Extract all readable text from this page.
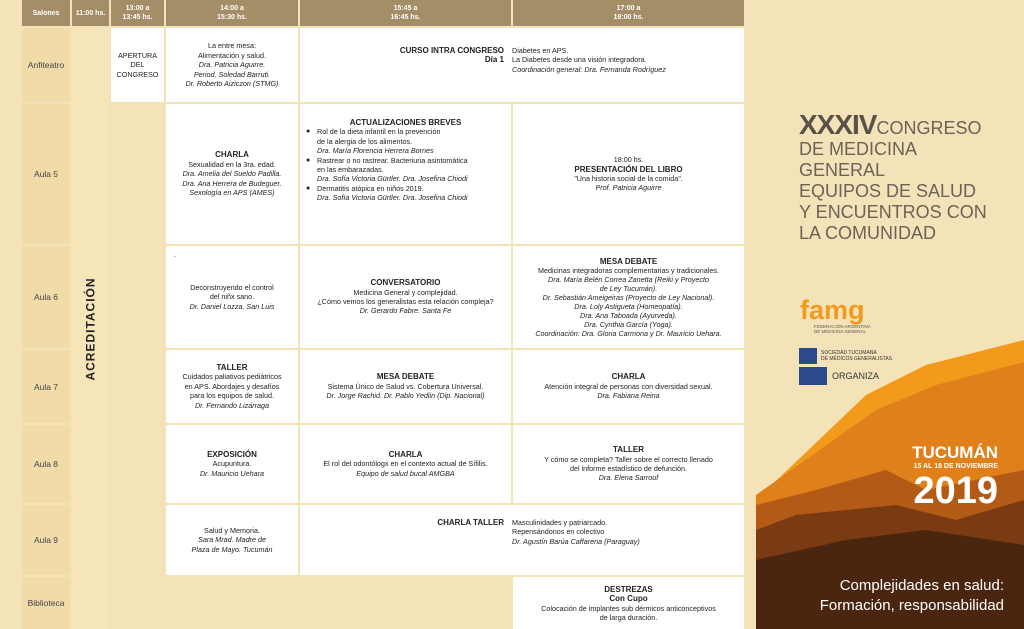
Salones 11:00 hs.
13:00 a
13:45 hs.
14:00 a
15:30 hs.
15:45 a
16:45 hs.
17:00 a
19:00 hs.
Anfiteatro
Aula 5
Aula 6
Aula 7
Aula 8
Aula 9
Biblioteca
ACREDITACIÓN
APERTURA
DEL
CONGRESO
La entre mesa:
Alimentación y salud.
Dra. Patricia Aguirre.
Period. Soledad Barruti.
Dr. Roberto Aiziczon (STMG)
CURSO INTRA CONGRESO
Día 1
Diabetes en APS.
La Diabetes desde una visión integradora.
Coordinación general: Dra. Fernanda Rodríguez
CHARLA
Sexualidad en la 3ra. edad.
Dra. Amelia del Sueldo Padilla.
Dra. Ana Herrera de Budeguer.
Sexología en APS (AMES)
ACTUALIZACIONES BREVES
● Rol de la dieta infantil en la prevención
de la alergia de los alimentos.
Dra. María Florencia Herrera Bornes
● Rastrear o no rastrear. Bacteriuria asintomática
en las embarazadas.
Dra. Sofía Victoria Gürtler. Dra. Josefina Chiodi
● Dermatitis atópica en niños 2019.
Dra. Sofía Victoria Gürtler. Dra. Josefina Chiodi
18:00 hs.
PRESENTACIÓN DEL LIBRO
"Una historia social de la comida".
Prof. Patricia Aguirre
.
Deconstruyendo el control
del niñx sano.
Dr. Daniel Lozza. San Luis
CONVERSATORIO
Medicina General y complejidad.
¿Cómo vemos los generalistas esta relación compleja?
Dr. Gerardo Fabre. Santa Fe
MESA DEBATE
Medicinas integradoras complementarias y tradicionales.
Dra. María Belén Correa Zanetta (Reiki y Proyecto
de Ley Tucumán).
Dr. Sebastián Ameigeiras (Proyecto de Ley Nacional).
Dra. Loly Astigueta (Homeopatía).
Dra. Ana Taboada (Ayurveda).
Dra. Cynthia García (Yoga).
Coordinación: Dra. Gloria Carmona y Dr. Mauricio Uehara.
TALLER
Cuidados paliativos pediátricos
en APS. Abordajes y desafíos
para los equipos de salud.
Dr. Fernando Lizárraga
MESA DEBATE
Sistema Único de Salud vs. Cobertura Universal.
Dr. Jorge Rachid. Dr. Pablo Yedlin (Dip. Nacional)
CHARLA
Atención integral de personas con diversidad sexual.
Dra. Fabiana Reina
EXPOSICIÓN
Acupuntura.
Dr. Mauricio Uehara
CHARLA
El rol del odontólogx en el contexto actual de Sífilis.
Equipo de salud bucal AMGBA
TALLER
Y cómo se completa? Taller sobre el correcto llenado
del informe estadístico de defunción.
Dra. Elena Sarrouf
Salud y Memoria.
Sara Mrad. Madre de
Plaza de Mayo. Tucumán
CHARLA TALLER Masculinidades y patriarcado.
Repensándonos en colectivo
Dr. Agustín Barúa Caffarena (Paraguay)
DESTREZAS
Con Cupo
Colocación de implantes sub dérmicos anticonceptivos
de larga duración.
XXXIVCONGRESO
DE MEDICINA GENERAL
EQUIPOS DE SALUD
Y ENCUENTROS CON
LA COMUNIDAD
famg
FEDERACIÓN ARGENTINA
DE MEDICINA GENERAL
SOCIEDAD TUCUMANA
DE MÉDICOS GENERALISTAS
ORGANIZA
TUCUMÁN
15 AL 18 DE NOVIEMBRE
2019
Complejidades en salud:
Formación, responsabilidad
